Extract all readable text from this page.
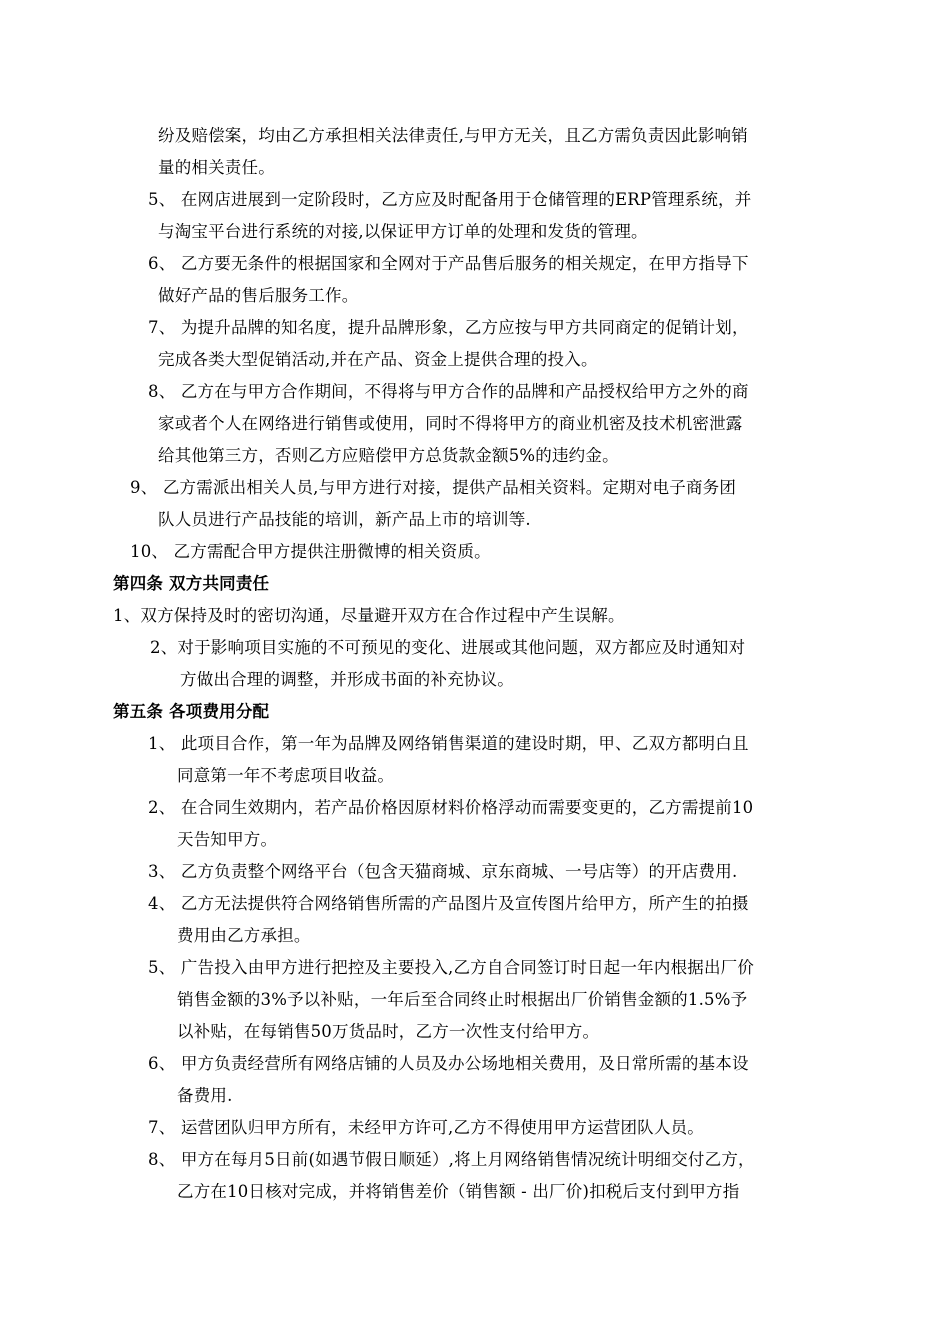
纷及赔偿案，均由乙方承担相关法律责任,与甲方无关，且乙方需负责因此影响销
量的相关责任。
5、 在网店进展到一定阶段时，乙方应及时配备用于仓储管理的ERP管理系统，并
与淘宝平台进行系统的对接,以保证甲方订单的处理和发货的管理。
6、 乙方要无条件的根据国家和全网对于产品售后服务的相关规定，在甲方指导下
做好产品的售后服务工作。
7、 为提升品牌的知名度，提升品牌形象，乙方应按与甲方共同商定的促销计划，
完成各类大型促销活动,并在产品、资金上提供合理的投入。
8、 乙方在与甲方合作期间，不得将与甲方合作的品牌和产品授权给甲方之外的商
家或者个人在网络进行销售或使用，同时不得将甲方的商业机密及技术机密泄露
给其他第三方，否则乙方应赔偿甲方总货款金额5%的违约金。
9、 乙方需派出相关人员,与甲方进行对接，提供产品相关资料。定期对电子商务团
队人员进行产品技能的培训，新产品上市的培训等.
10、 乙方需配合甲方提供注册微博的相关资质。
第四条 双方共同责任
1、双方保持及时的密切沟通，尽量避开双方在合作过程中产生误解。
2、对于影响项目实施的不可预见的变化、进展或其他问题，双方都应及时通知对
方做出合理的调整，并形成书面的补充协议。
第五条 各项费用分配
1、 此项目合作，第一年为品牌及网络销售渠道的建设时期，甲、乙双方都明白且
同意第一年不考虑项目收益。
2、 在合同生效期内，若产品价格因原材料价格浮动而需要变更的，乙方需提前10
天告知甲方。
3、 乙方负责整个网络平台（包含天猫商城、京东商城、一号店等）的开店费用.
4、 乙方无法提供符合网络销售所需的产品图片及宣传图片给甲方，所产生的拍摄
费用由乙方承担。
5、 广告投入由甲方进行把控及主要投入,乙方自合同签订时日起一年内根据出厂价
销售金额的3%予以补贴，一年后至合同终止时根据出厂价销售金额的1.5%予
以补贴，在每销售50万货品时，乙方一次性支付给甲方。
6、 甲方负责经营所有网络店铺的人员及办公场地相关费用，及日常所需的基本设
备费用.
7、 运营团队归甲方所有，未经甲方许可,乙方不得使用甲方运营团队人员。
8、 甲方在每月5日前(如遇节假日顺延）,将上月网络销售情况统计明细交付乙方，
乙方在10日核对完成，并将销售差价（销售额 - 出厂价)扣税后支付到甲方指
